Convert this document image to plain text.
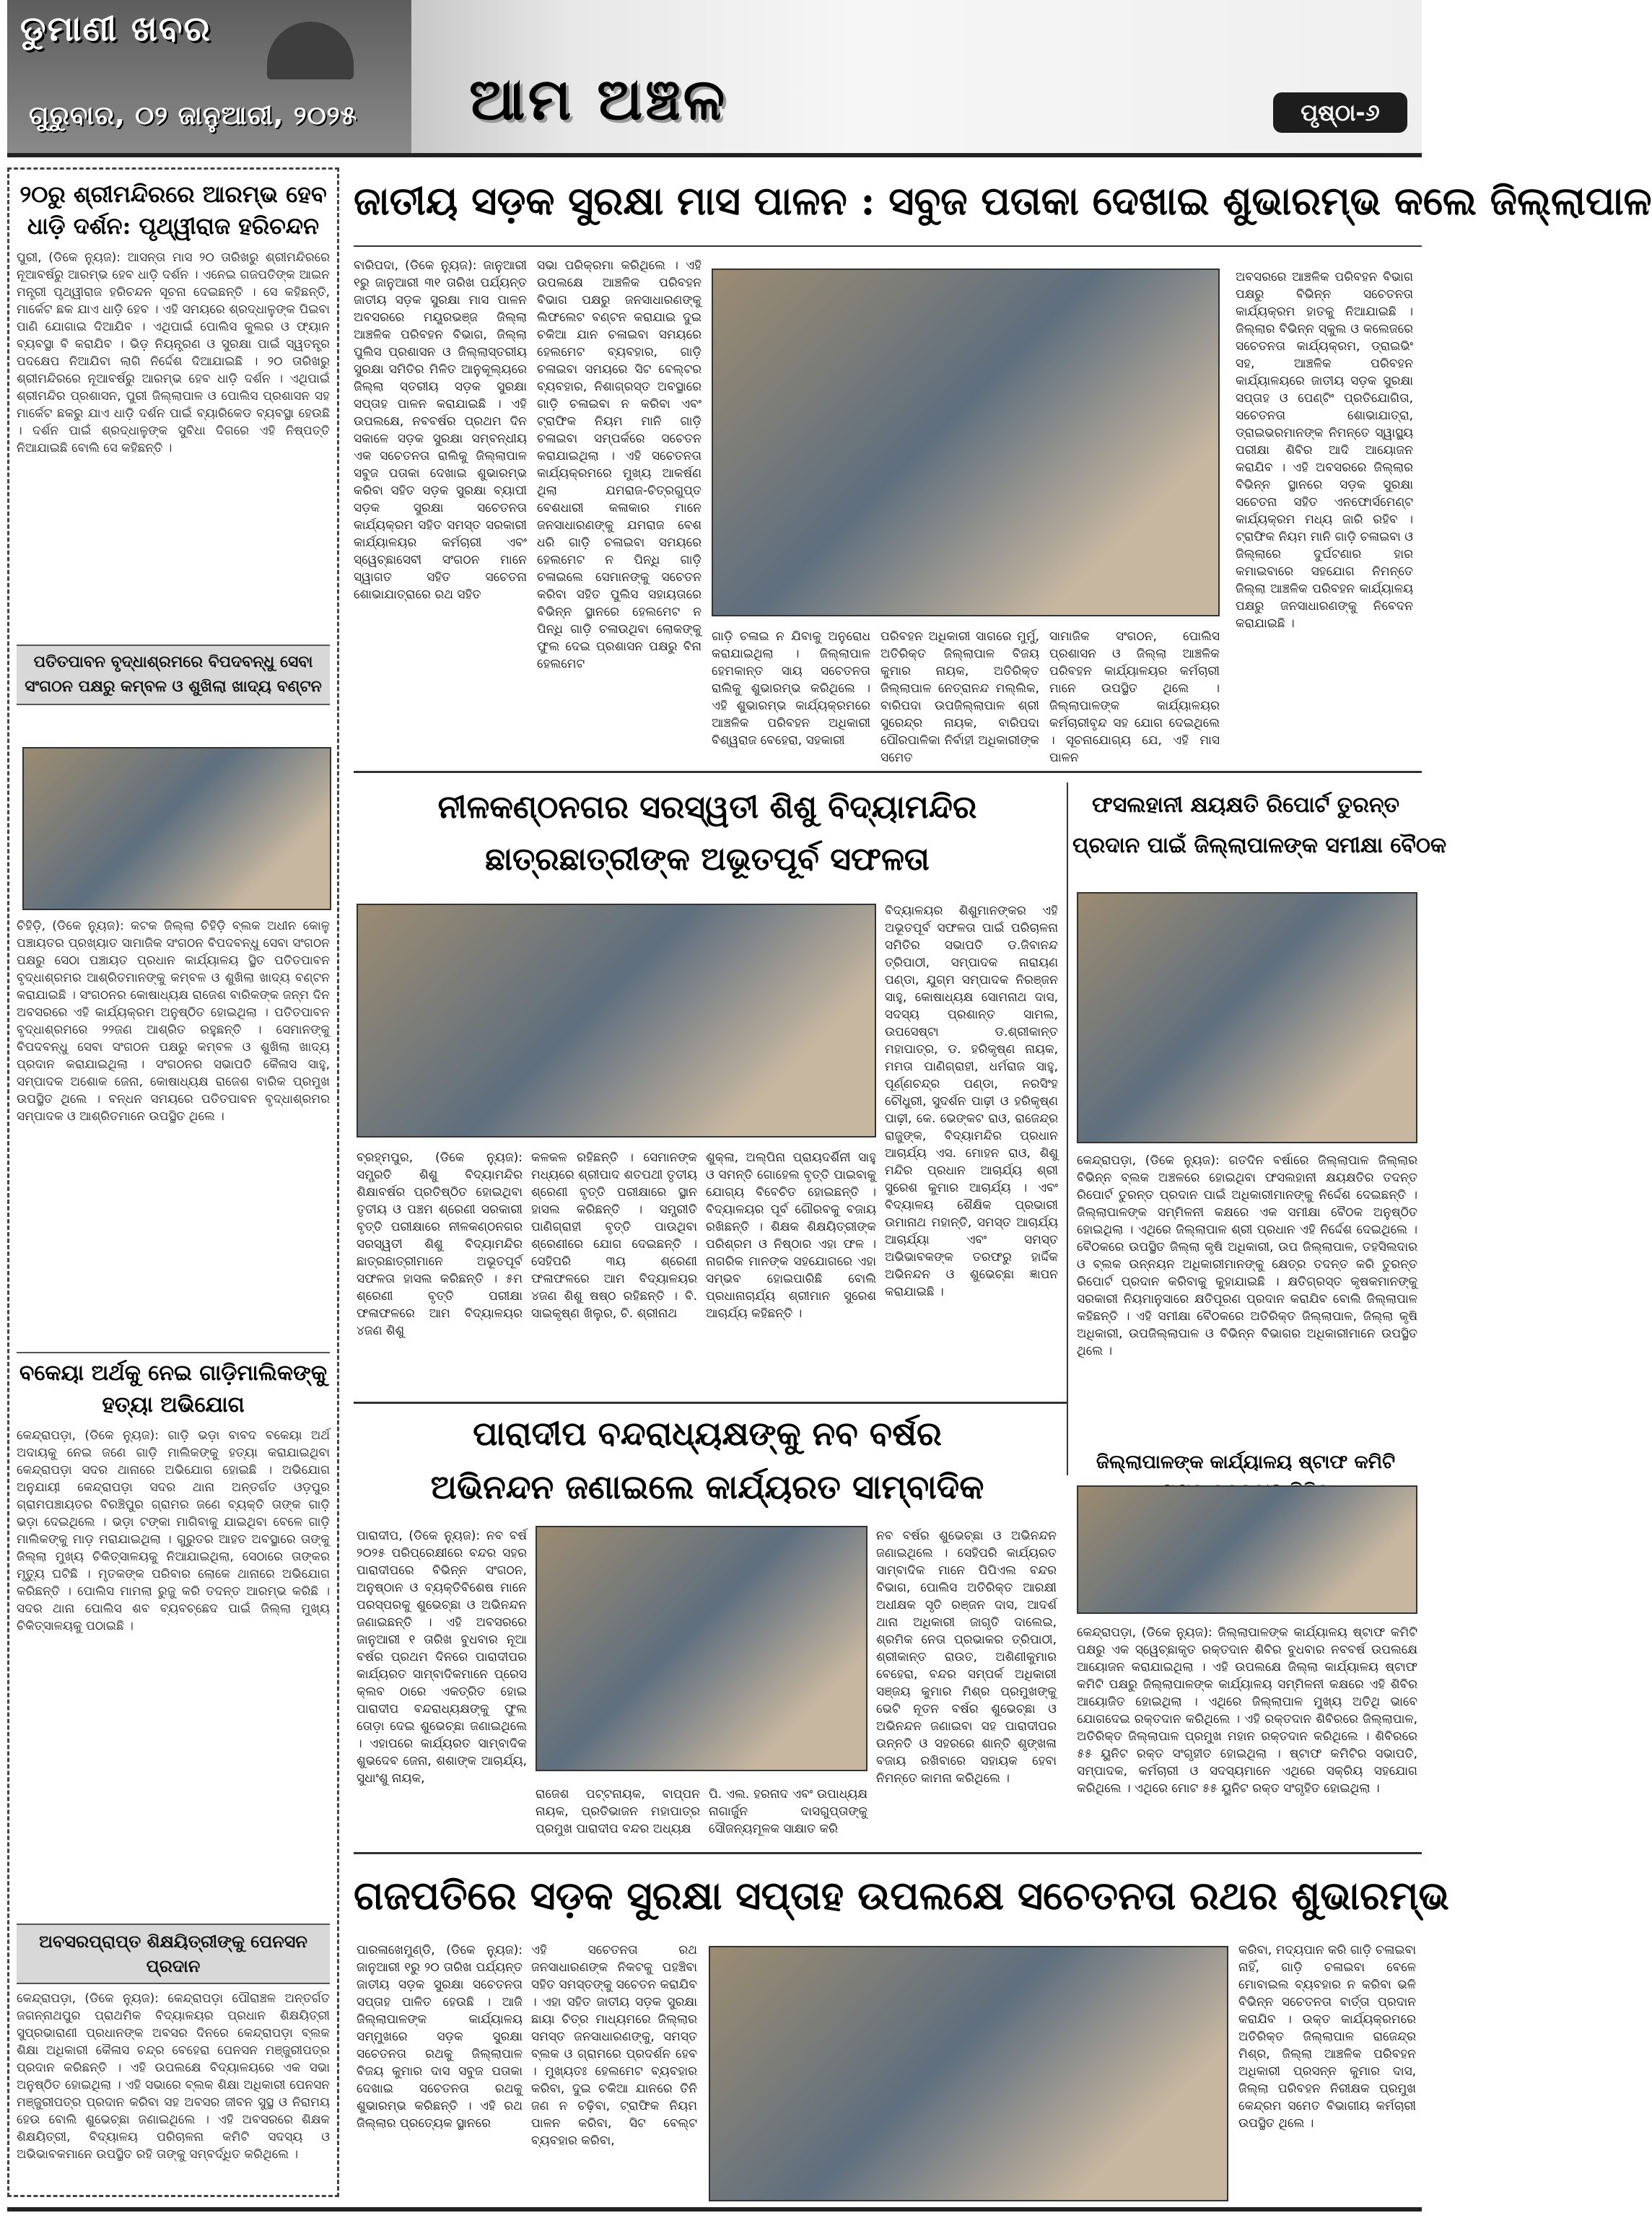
ଡୁମାଣୀ ଖବର
ଗୁରୁବାର, ୦୨ ଜାନୁଆରୀ, ୨୦୨୫ ଆମ ଅଞ୍ଚଳ	ପୃଷ୍ଠା-୬
୨୦ରୁ ଶ୍ରୀମନ୍ଦିରରେ ଆରମ୍ଭ ହେବ ଧାଡ଼ି ଦର୍ଶନ: ପୃଥ୍ୱୀରାଜ ହରିଚନ୍ଦନ
ପୁରୀ, (ଡିକେ ନ୍ୟୁଜ): ଆସନ୍ତା ମାସ ୨୦ ତାରିଖରୁ ଶ୍ରୀମନ୍ଦିରରେ ନୂଆବର୍ଷରୁ ଆରମ୍ଭ ହେବ ଧାଡ଼ି ଦର୍ଶନ । ଏନେଇ ଗଜପତିଙ୍କ ଆଇନ ମନ୍ତ୍ରୀ ପୃଥ୍ୱୀରାଜ ହରିଚନ୍ଦନ ସୂଚନା ଦେଇଛନ୍ତି । ସେ କହିଛନ୍ତି, ମାର୍କେଟ ଛକ ଯାଏ ଧାଡ଼ି ହେବ । ଏହି ସମୟରେ ଶ୍ରଦ୍ଧାଳୁଙ୍କ ପିଇବା ପାଣି ଯୋଗାଇ ଦିଆଯିବ । ଏଥିପାଇଁ ପୋଲିସ କୁଲର ଓ ଫ୍ୟାନ ବ୍ୟବସ୍ଥା ବି କରାଯିବ । ଭିଡ଼ ନିୟନ୍ତ୍ରଣ ଓ ସୁରକ୍ଷା ପାଇଁ ସ୍ୱତନ୍ତ୍ର ପଦକ୍ଷେପ ନିଆଯିବା ଲାଗି ନିର୍ଦ୍ଦେଶ ଦିଆଯାଇଛି । ୨୦ ତାରିଖରୁ ଶ୍ରୀମନ୍ଦିରରେ ନୂଆବର୍ଷରୁ ଆରମ୍ଭ ହେବ ଧାଡ଼ି ଦର୍ଶନ । ଏଥିପାଇଁ ଶ୍ରୀମନ୍ଦିର ପ୍ରଶାସନ, ପୁରୀ ଜିଲ୍ଲାପାଳ ଓ ପୋଲିସ ପ୍ରଶାସନ ସହ ମାର୍କେଟ ଛକରୁ ଯାଏ ଧାଡ଼ି ଦର୍ଶନ ପାଇଁ ବ୍ୟାରିକେଡ ବ୍ୟବସ୍ଥା ହେଉଛି । ଦର୍ଶନ ପାଇଁ ଶ୍ରଦ୍ଧାଳୁଙ୍କ ସୁବିଧା ଦିଗରେ ଏହି ନିଷ୍ପତ୍ତି ନିଆଯାଇଛି ବୋଲି ସେ କହିଛନ୍ତି ।
ପତିତପାବନ ବୃଦ୍ଧାଶ୍ରମରେ ବିପଦବନ୍ଧୁ ସେବା ସଂଗଠନ ପକ୍ଷରୁ କମ୍ବଳ ଓ ଶୁଖିଲା ଖାଦ୍ୟ ବଣ୍ଟନ
ଚିହିଡ଼ି, (ଡିକେ ନ୍ୟୁଜ): କଟକ ଜିଲ୍ଲା ଚିହିଡ଼ି ବ୍ଲକ ଅଧୀନ କୋଳୁ ପଞ୍ଚାୟତର ପ୍ରଖ୍ୟାତ ସାମାଜିକ ସଂଗଠନ ବିପଦବନ୍ଧୁ ସେବା ସଂଗଠନ ପକ୍ଷରୁ ସେଠା ପଞ୍ଚାୟତ ପ୍ରଧାନ କାର୍ଯ୍ୟାଳୟ ସ୍ଥିତ ପତିତପାବନ ବୃଦ୍ଧାଶ୍ରମର ଆଶ୍ରିତମାନଙ୍କୁ କମ୍ବଳ ଓ ଶୁଖିଲା ଖାଦ୍ୟ ବଣ୍ଟନ କରାଯାଇଛି । ସଂଗଠନର କୋଷାଧ୍ୟକ୍ଷ ରାଜେଶ ବାରିକଙ୍କ ଜନ୍ମ ଦିନ ଅବସରରେ ଏହି କାର୍ଯ୍ୟକ୍ରମ ଅନୁଷ୍ଠିତ ହୋଇଥିଲା । ପତିତପାବନ ବୃଦ୍ଧାଶ୍ରମରେ ୨୨ଜଣ ଆଶ୍ରିତ ରହୁଛନ୍ତି । ସେମାନଙ୍କୁ ବିପଦବନ୍ଧୁ ସେବା ସଂଗଠନ ପକ୍ଷରୁ କମ୍ବଳ ଓ ଶୁଖିଲା ଖାଦ୍ୟ ପ୍ରଦାନ କରାଯାଇଥିଲା । ସଂଗଠନର ସଭାପତି କୈଳାସ ସାହୁ, ସମ୍ପାଦକ ଅଶୋକ ଜେନା, କୋଷାଧ୍ୟକ୍ଷ ରାଜେଶ ବାରିକ ପ୍ରମୁଖ ଉପସ୍ଥିତ ଥିଲେ । ବନ୍ଧନ ସମୟରେ ପତିତପାବନ ବୃଦ୍ଧାଶ୍ରମର ସମ୍ପାଦକ ଓ ଆଶ୍ରିତମାନେ ଉପସ୍ଥିତ ଥିଲେ ।
ବକେୟା ଅର୍ଥକୁ ନେଇ ଗାଡ଼ିମାଲିକଙ୍କୁ ହତ୍ୟା ଅଭିଯୋଗ
କେନ୍ଦ୍ରାପଡ଼ା, (ଡିକେ ନ୍ୟୁଜ): ଗାଡ଼ି ଭଡ଼ା ବାବଦ ବକେୟା ଅର୍ଥ ଅଦାୟକୁ ନେଇ ଜଣେ ଗାଡ଼ି ମାଲିକଙ୍କୁ ହତ୍ୟା କରାଯାଇଥିବା କେନ୍ଦ୍ରାପଡ଼ା ସଦର ଥାନାରେ ଅଭିଯୋଗ ହୋଇଛି । ଅଭିଯୋଗ ଅନୁଯାୟୀ କେନ୍ଦ୍ରାପଡ଼ା ସଦର ଥାନା ଅନ୍ତର୍ଗତ ଓଡ଼ପୁର ଗ୍ରାମପଞ୍ଚାୟତର ବିରଞ୍ଚିପୁର ଗ୍ରାମର ଜଣେ ବ୍ୟକ୍ତି ତାଙ୍କ ଗାଡ଼ି ଭଡ଼ା ଦେଇଥିଲେ । ଭଡ଼ା ଟଙ୍କା ମାଗିବାକୁ ଯାଇଥିବା ବେଳେ ଗାଡ଼ି ମାଲିକଙ୍କୁ ମାଡ଼ ମରାଯାଇଥିଲା । ଗୁରୁତର ଆହତ ଅବସ୍ଥାରେ ତାଙ୍କୁ ଜିଲ୍ଲା ମୁଖ୍ୟ ଚିକିତ୍ସାଳୟକୁ ନିଆଯାଇଥିଲା, ସେଠାରେ ତାଙ୍କର ମୃତ୍ୟୁ ଘଟିଛି । ମୃତକଙ୍କ ପରିବାର ଲୋକେ ଥାନାରେ ଅଭିଯୋଗ କରିଛନ୍ତି । ପୋଲିସ ମାମଲା ରୁଜୁ କରି ତଦନ୍ତ ଆରମ୍ଭ କରିଛି । ସଦର ଥାନା ପୋଲିସ ଶବ ବ୍ୟବଚ୍ଛେଦ ପାଇଁ ଜିଲ୍ଲା ମୁଖ୍ୟ ଚିକିତ୍ସାଳୟକୁ ପଠାଇଛି ।
ଅବସରପ୍ରାପ୍ତ ଶିକ୍ଷୟିତ୍ରୀଙ୍କୁ ପେନସନ ପ୍ରଦାନ
କେନ୍ଦ୍ରାପଡ଼ା, (ଡିକେ ନ୍ୟୁଜ): କେନ୍ଦ୍ରାପଡ଼ା ପୌରାଞ୍ଚଳ ଅନ୍ତର୍ଗତ ଜଗନ୍ନାଥପୁର ପ୍ରାଥମିକ ବିଦ୍ୟାଳୟର ପ୍ରଧାନ ଶିକ୍ଷୟିତ୍ରୀ ସୁପ୍ରଭାରାଣୀ ପ୍ରଧାନଙ୍କ ଅବସର ଦିନରେ କେନ୍ଦ୍ରାପଡ଼ା ବ୍ଲକ ଶିକ୍ଷା ଅଧିକାରୀ କୈଳାସ ଚନ୍ଦ୍ର ବେହେରା ପେନସନ ମଞ୍ଜୁରୀପତ୍ର ପ୍ରଦାନ କରିଛନ୍ତି । ଏହି ଉପଲକ୍ଷେ ବିଦ୍ୟାଳୟରେ ଏକ ସଭା ଅନୁଷ୍ଠିତ ହୋଇଥିଲା । ଏହି ସଭାରେ ବ୍ଲକ ଶିକ୍ଷା ଅଧିକାରୀ ପେନସନ ମଞ୍ଜୁରୀପତ୍ର ପ୍ରଦାନ କରିବା ସହ ଅବସର ଜୀବନ ସୁସ୍ଥ ଓ ନିରାମୟ ହେଉ ବୋଲି ଶୁଭେଚ୍ଛା ଜଣାଇଥିଲେ । ଏହି ଅବସରରେ ଶିକ୍ଷକ ଶିକ୍ଷୟିତ୍ରୀ, ବିଦ୍ୟାଳୟ ପରିଚାଳନା କମିଟି ସଦସ୍ୟ ଓ ଅଭିଭାବକମାନେ ଉପସ୍ଥିତ ରହି ତାଙ୍କୁ ସମ୍ବର୍ଦ୍ଧିତ କରିଥିଲେ ।
ଜାତୀୟ ସଡ଼କ ସୁରକ୍ଷା ମାସ ପାଳନ : ସବୁଜ ପତାକା ଦେଖାଇ ଶୁଭାରମ୍ଭ କଲେ ଜିଲ୍ଲାପାଳ
ବାରିପଦା, (ଡିକେ ନ୍ୟୁଜ): ଜାନୁଆରୀ ୧ରୁ ଜାନୁଆରୀ ୩୧ ତାରିଖ ପର୍ଯ୍ୟନ୍ତ ଜାତୀୟ ସଡ଼କ ସୁରକ୍ଷା ମାସ ପାଳନ ଅବସରରେ ମୟୂରଭଞ୍ଜ ଜିଲ୍ଲା ଆଞ୍ଚଳିକ ପରିବହନ ବିଭାଗ, ଜିଲ୍ଲା ପୁଲିସ ପ୍ରଶାସନ ଓ ଜିଲ୍ଲାସ୍ତରୀୟ ସୁରକ୍ଷା ସମିତିର ମିଳିତ ଆନୁକୂଲ୍ୟରେ ଜିଲ୍ଲା ସ୍ତରୀୟ ସଡ଼କ ସୁରକ୍ଷା ସପ୍ତାହ ପାଳନ କରାଯାଇଛି । ଏହି ଉପଲକ୍ଷେ, ନବବର୍ଷର ପ୍ରଥମ ଦିନ ସକାଳେ ସଡ଼କ ସୁରକ୍ଷା ସମ୍ବନ୍ଧୀୟ ଏକ ସଚେତନତା ରାଲିକୁ ଜିଲ୍ଲାପାଳ ସବୁଜ ପତାକା ଦେଖାଇ ଶୁଭାରମ୍ଭ କରିବା ସହିତ ସଡ଼କ ସୁରକ୍ଷା ବ୍ୟାପୀ ସଡ଼କ ସୁରକ୍ଷା ସଚେତନତା କାର୍ଯ୍ୟକ୍ରମ ସହିତ ସମସ୍ତ ସରକାରୀ କାର୍ଯ୍ୟାଳୟର କର୍ମଚାରୀ ଏବଂ ସ୍ୱେଚ୍ଛାସେବୀ ସଂଗଠନ ମାନେ ସ୍ୱାଗତ ସହିତ ସଚେତନା ଶୋଭାଯାତ୍ରାରେ ରଥ ସହିତ
ସଭା ପରିକ୍ରମା କରିଥିଲେ । ଏହି ଉପଲକ୍ଷେ ଆଞ୍ଚଳିକ ପରିବହନ ବିଭାଗ ପକ୍ଷରୁ ଜନସାଧାରଣଙ୍କୁ ଲିଫଲେଟ ବଣ୍ଟନ କରାଯାଇ ଦୁଇ ଚକିଆ ଯାନ ଚଳାଇବା ସମୟରେ ହେଲମେଟ ବ୍ୟବହାର, ଗାଡ଼ି ଚଳାଇବା ସମୟରେ ସିଟ ବେଲ୍ଟର ବ୍ୟବହାର, ନିଶାଗ୍ରସ୍ତ ଅବସ୍ଥାରେ ଗାଡ଼ି ଚଳାଇବା ନ କରିବା ଏବଂ ଟ୍ରାଫିକ ନିୟମ ମାନି ଗାଡ଼ି ଚଳାଇବା ସମ୍ପର୍କରେ ସଚେତନ କରାଯାଇଥିଲା । ଏହି ସଚେତନତା କାର୍ଯ୍ୟକ୍ରମରେ ମୁଖ୍ୟ ଆକର୍ଷଣ ଥିଲା ଯମରାଜ-ଚିତ୍ରଗୁପ୍ତ ବେଶଧାରୀ କଳାକାର ମାନେ ଜନସାଧାରଣଙ୍କୁ ଯମରାଜ ବେଶ ଧରି ଗାଡ଼ି ଚଳାଇବା ସମୟରେ ହେଲମେଟ ନ ପିନ୍ଧି ଗାଡ଼ି ଚଳାଇଲେ ସେମାନଙ୍କୁ ସଚେତନ କରିବା ସହିତ ପୁଲିସ ସହାୟତାରେ ବିଭିନ୍ନ ସ୍ଥାନରେ ହେଲମେଟ ନ ପିନ୍ଧି ଗାଡ଼ି ଚଳାଉଥିବା ଲୋକଙ୍କୁ ଫୁଲ ଦେଇ ପ୍ରଶାସନ ପକ୍ଷରୁ ବିନା ହେଲମେଟ
ଗାଡ଼ି ଚଳାଇ ନ ଯିବାକୁ ଅନୁରୋଧ କରାଯାଇଥିଲା । ଜିଲ୍ଲାପାଳ ହେମକାନ୍ତ ସାୟ ସଚେତନତା ରାଲିକୁ ଶୁଭାରମ୍ଭ କରିଥିଲେ । ଏହି ଶୁଭାରମ୍ଭ କାର୍ଯ୍ୟକ୍ରମରେ ଆଞ୍ଚଳିକ ପରିବହନ ଅଧିକାରୀ ବିଶ୍ୱରାଜ ବେହେରା, ସହକାରୀ
ପରିବହନ ଅଧିକାରୀ ସାଗରେ ମୁର୍ମୁ, ଅତିରିକ୍ତ ଜିଲ୍ଲାପାଳ ବିଜୟ କୁମାର ନାୟକ, ଅତିରିକ୍ତ ଜିଲ୍ଲାପାଳ ନେତ୍ରାନନ୍ଦ ମଲ୍ଲିକ, ବାରିପଦା ଉପଜିଲ୍ଲାପାଳ ଶ୍ରୀ ସୁରେନ୍ଦ୍ର ନାୟକ, ବାରିପଦା ପୌରପାଳିକା ନିର୍ବାହୀ ଅଧିକାରୀଙ୍କ ସମେତ
ସାମାଜିକ ସଂଗଠନ, ପୋଲିସ ପ୍ରଶାସନ ଓ ଜିଲ୍ଲା ଆଞ୍ଚଳିକ ପରିବହନ କାର୍ଯ୍ୟାଳୟର କର୍ମଚାରୀ ମାନେ ଉପସ୍ଥିତ ଥିଲେ । ଜିଲ୍ଲାପାଳଙ୍କ କାର୍ଯ୍ୟାଳୟର କର୍ମଚାରୀବୃନ୍ଦ ସହ ଯୋଗ ଦେଇଥିଲେ । ସୂଚନାଯୋଗ୍ୟ ଯେ, ଏହି ମାସ ପାଳନ
ଅବସରରେ ଆଞ୍ଚଳିକ ପରିବହନ ବିଭାଗ ପକ୍ଷରୁ ବିଭିନ୍ନ ସଚେତନତା କାର୍ଯ୍ୟକ୍ରମ ହାତକୁ ନିଆଯାଇଛି । ଜିଲ୍ଲାର ବିଭିନ୍ନ ସ୍କୁଲ ଓ କଲେଜରେ ସଚେତନତା କାର୍ଯ୍ୟକ୍ରମ, ଡ୍ରାଇଭିଂ ସହ, ଆଞ୍ଚଳିକ ପରିବହନ କାର୍ଯ୍ୟାଳୟରେ ଜାତୀୟ ସଡ଼କ ସୁରକ୍ଷା ସପ୍ତାହ ଓ ପେଣ୍ଟିଂ ପ୍ରତିଯୋଗିତା, ସଚେତନତା ଶୋଭାଯାତ୍ରା, ଡ୍ରାଇଭରମାନଙ୍କ ନିମନ୍ତେ ସ୍ୱାସ୍ଥ୍ୟ ପରୀକ୍ଷା ଶିବିର ଆଦି ଆୟୋଜନ କରାଯିବ । ଏହି ଅବସରରେ ଜିଲ୍ଲାର ବିଭିନ୍ନ ସ୍ଥାନରେ ସଡ଼କ ସୁରକ୍ଷା ସଚେତନା ସହିତ ଏନଫୋର୍ସମେଣ୍ଟ କାର୍ଯ୍ୟକ୍ରମ ମଧ୍ୟ ଜାରି ରହିବ । ଟ୍ରାଫିକ ନିୟମ ମାନି ଗାଡ଼ି ଚଳାଇବା ଓ ଜିଲ୍ଲାରେ ଦୁର୍ଘଟଣାର ହାର କମାଇବାରେ ସହଯୋଗ ନିମନ୍ତେ ଜିଲ୍ଲା ଆଞ୍ଚଳିକ ପରିବହନ କାର୍ଯ୍ୟାଳୟ ପକ୍ଷରୁ ଜନସାଧାରଣଙ୍କୁ ନିବେଦନ କରାଯାଇଛି ।
ନୀଳକଣ୍ଠନଗର ସରସ୍ୱତୀ ଶିଶୁ ବିଦ୍ୟାମନ୍ଦିର
ଛାତ୍ରଛାତ୍ରୀଙ୍କ ଅଭୂତପୂର୍ବ ସଫଳତା
ବିଦ୍ୟାଳୟର ଶିଶୁମାନଙ୍କର ଏହି ଅଭୂତପୂର୍ବ ସଫଳତା ପାଇଁ ପରିଚାଳନା ସମିତିର ସଭାପତି ଡ.ଜିବାନନ୍ଦ ତ୍ରିପାଠୀ, ସମ୍ପାଦକ ନାରାୟଣ ପଣ୍ଡା, ଯୁଗ୍ମ ସମ୍ପାଦକ ନିରଞ୍ଜନ ସାହୁ, କୋଷାଧ୍ୟକ୍ଷ ସୋମନାଥ ଦାସ, ସଦସ୍ୟ ପ୍ରଶାନ୍ତ ସାମଲ, ଉପସେଷ୍ଟା ଡ.ଶ୍ରୀକାନ୍ତ ମହାପାତ୍ର, ଡ. ହରିକୃଷ୍ଣ ନାୟକ, ମମତା ପାଣିଗ୍ରାହୀ, ଧର୍ମରାଜ ସାହୁ, ପୂର୍ଣ୍ଣଚନ୍ଦ୍ର ପଣ୍ଡା, ନରସିଂହ ଚୌଧୁରୀ, ସୁଦର୍ଶନ ପାଢ଼ୀ ଓ ହରିକୃଷ୍ଣ ପାଢ଼ୀ, କେ. ଭେଙ୍କଟ ରାଓ, ରାଜେନ୍ଦ୍ର ରାଜୁଙ୍କ, ବିଦ୍ୟାମନ୍ଦିର ପ୍ରଧାନ ଆଚାର୍ଯ୍ୟ ଏସ. ମୋହନ ରାଓ, ଶିଶୁ ମନ୍ଦିର ପ୍ରଧାନ ଆଚାର୍ଯ୍ୟ ଶ୍ରୀ ସୁରେଶ କୁମାର ଆଚାର୍ଯ୍ୟ । ଏବଂ ବିଦ୍ୟାଳୟ ଶୈକ୍ଷିକ ପ୍ରଭାରୀ ଉମାନାଥ ମହାନ୍ତି, ସମସ୍ତ ଆଚାର୍ଯ୍ୟ ଆଚାର୍ଯ୍ୟା ଏବଂ ସମସ୍ତ ଅଭିଭାବକଙ୍କ ତରଫରୁ ହାର୍ଦ୍ଦିକ ଅଭିନନ୍ଦନ ଓ ଶୁଭେଚ୍ଛା ଜ୍ଞାପନ କରାଯାଇଛି ।
ବ୍ରହ୍ମପୁର, (ଡିକେ ନ୍ୟୁଜ): ସମ୍ପ୍ରତି ଶିଶୁ ବିଦ୍ୟାମନ୍ଦିର ଶିକ୍ଷାବର୍ଷର ପ୍ରତିଷ୍ଠିତ ହୋଇଥିବା ତୃତୀୟ ଓ ପଞ୍ଚମ ଶ୍ରେଣୀ ସରକାରୀ ବୃତ୍ତି ପରୀକ୍ଷାରେ ନୀଳକଣ୍ଠନଗର ସରସ୍ୱତୀ ଶିଶୁ ବିଦ୍ୟାମନ୍ଦିର ଛାତ୍ରଛାତ୍ରୀମାନେ ଅଭୂତପୂର୍ବ ସଫଳତା ହାସଲ କରିଛନ୍ତି । ୫ମ ଶ୍ରେଣୀ ବୃତ୍ତି ପରୀକ୍ଷା ଫଳାଫଳରେ ଆମ ବିଦ୍ୟାଳୟର ୪ଜଣ ଶିଶୁ
କଳକଳ ରହିଛନ୍ତି । ସେମାନଙ୍କ ମଧ୍ୟରେ ଶ୍ରୀପାଦ ଶତପଥୀ ତୃତୀୟ ଶ୍ରେଣୀ ବୃତ୍ତି ପରୀକ୍ଷାରେ ସ୍ଥାନ ହାସଲ କରିଛନ୍ତି । ସମ୍ପ୍ରୀତି ପାଣିଗ୍ରାହୀ ବୃତ୍ତି ପାଉଥିବା ଶ୍ରେଣୀରେ ଯୋଗ ଦେଇଛନ୍ତି । ସେହିପରି ୩ୟ ଶ୍ରେଣୀ ଫଳାଫଳରେ ଆମ ବିଦ୍ୟାଳୟର ୪ଜଣ ଶିଶୁ ଷଷ୍ଠ ରହିଛନ୍ତି । ବି. ସାଇକୃଷ୍ଣ ଖିଲୁର, ଚି. ଶ୍ରୀନାଥ
ଶୁକ୍ଳା, ଅଲ୍ପିନା ପ୍ରାୟଦର୍ଶିନୀ ସାହୁ ଓ ସମନ୍ତି ଗୋହେଲ ବୃତ୍ତି ପାଇବାକୁ ଯୋଗ୍ୟ ବିବେଚିତ ହୋଇଛନ୍ତି । ବିଦ୍ୟାଳୟର ପୂର୍ବ ଗୌରବକୁ ବଜାୟ ରଖିଛନ୍ତି । ଶିକ୍ଷକ ଶିକ୍ଷୟିତ୍ରୀଙ୍କ ପରିଶ୍ରମ ଓ ନିଷ୍ଠାର ଏହା ଫଳ । ନାଗରିକ ମାନଙ୍କ ସହଯୋଗରେ ଏହା ସମ୍ଭବ ହୋଇପାରିଛି ବୋଲି ପ୍ରଧାନାଚାର୍ଯ୍ୟ ଶ୍ରୀମାନ ସୁରେଶ ଆଚାର୍ଯ୍ୟ କହିଛନ୍ତି ।
ଫସଲହାନୀ କ୍ଷୟକ୍ଷତି ରିପୋର୍ଟ ତୁରନ୍ତ
ପ୍ରଦାନ ପାଇଁ ଜିଲ୍ଲାପାଳଙ୍କ ସମୀକ୍ଷା ବୈଠକ
କେନ୍ଦ୍ରାପଡ଼ା, (ଡିକେ ନ୍ୟୁଜ): ଗତଦିନ ବର୍ଷାରେ ଜିଲ୍ଲାପାଳ ଜିଲ୍ଲାର ବିଭିନ୍ନ ବ୍ଲକ ଅଞ୍ଚଳରେ ହୋଇଥିବା ଫସଲହାନୀ କ୍ଷୟକ୍ଷତିର ତଦନ୍ତ ରିପୋର୍ଟ ତୁରନ୍ତ ପ୍ରଦାନ ପାଇଁ ଅଧିକାରୀମାନଙ୍କୁ ନିର୍ଦ୍ଦେଶ ଦେଇଛନ୍ତି । ଜିଲ୍ଲାପାଳଙ୍କ ସମ୍ମିଳନୀ କକ୍ଷରେ ଏକ ସମୀକ୍ଷା ବୈଠକ ଅନୁଷ୍ଠିତ ହୋଇଥିଲା । ଏଥିରେ ଜିଲ୍ଲାପାଳ ଶ୍ରୀ ପ୍ରଧାନ ଏହି ନିର୍ଦ୍ଦେଶ ଦେଇଥିଲେ । ବୈଠକରେ ଉପସ୍ଥିତ ଜିଲ୍ଲା କୃଷି ଅଧିକାରୀ, ଉପ ଜିଲ୍ଲାପାଳ, ତହସିଲଦାର ଓ ବ୍ଲକ ଉନ୍ନୟନ ଅଧିକାରୀମାନଙ୍କୁ କ୍ଷେତ୍ର ତଦନ୍ତ କରି ତୁରନ୍ତ ରିପୋର୍ଟ ପ୍ରଦାନ କରିବାକୁ କୁହାଯାଇଛି । କ୍ଷତିଗ୍ରସ୍ତ କୃଷକମାନଙ୍କୁ ସରକାରୀ ନିୟମାନୁସାରେ କ୍ଷତିପୂରଣ ପ୍ରଦାନ କରାଯିବ ବୋଲି ଜିଲ୍ଲାପାଳ କହିଛନ୍ତି । ଏହି ସମୀକ୍ଷା ବୈଠକରେ ଅତିରିକ୍ତ ଜିଲ୍ଲାପାଳ, ଜିଲ୍ଲା କୃଷି ଅଧିକାରୀ, ଉପଜିଲ୍ଲାପାଳ ଓ ବିଭିନ୍ନ ବିଭାଗର ଅଧିକାରୀମାନେ ଉପସ୍ଥିତ ଥିଲେ ।
ପାରାଦୀପ ବନ୍ଦରାଧ୍ୟକ୍ଷଙ୍କୁ ନବ ବର୍ଷର
ଅଭିନନ୍ଦନ ଜଣାଇଲେ କାର୍ଯ୍ୟରତ ସାମ୍ବାଦିକ
ପାରାଦୀପ, (ଡିକେ ନ୍ୟୁଜ): ନବ ବର୍ଷ ୨୦୨୫ ପରିପ୍ରେକ୍ଷୀରେ ବନ୍ଦର ସହର ପାରାଦୀପରେ ବିଭିନ୍ନ ସଂଗଠନ, ଅନୁଷ୍ଠାନ ଓ ବ୍ୟକ୍ତିବିଶେଷ ମାନେ ପରସ୍ପରକୁ ଶୁଭେଚ୍ଛା ଓ ଅଭିନନ୍ଦନ ଜଣାଇଛନ୍ତି । ଏହି ଅବସରରେ ଜାନୁଆରୀ ୧ ତାରିଖ ବୁଧବାର ନୂଆ ବର୍ଷର ପ୍ରଥମ ଦିନରେ ପାରାଦୀପର କାର୍ଯ୍ୟରତ ସାମ୍ବାଦିକମାନେ ପ୍ରେସ କ୍ଲବ ଠାରେ ଏକତ୍ରିତ ହୋଇ ପାରାଦୀପ ବନ୍ଦରାଧ୍ୟକ୍ଷଙ୍କୁ ଫୁଲ ତୋଡ଼ା ଦେଇ ଶୁଭେଚ୍ଛା ଜଣାଇଥିଲେ । ଏହାପରେ କାର୍ଯ୍ୟରତ ସାମ୍ବାଦିକ ଶୁଭଦେବ ଜେନା, ଶଶାଙ୍କ ଆଚାର୍ଯ୍ୟ, ସୁଧାଂଶୁ ନାୟକ,
ରାଜେଶ ପଟ୍ଟନାୟକ, ବାପ୍ପନ ନାୟକ, ପ୍ରତିଭାଜନ ମହାପାତ୍ର ପ୍ରମୁଖ ପାରାଦୀପ ବନ୍ଦର ଅଧ୍ୟକ୍ଷ
ପି. ଏଲ. ହରନାଦ ଏବଂ ଉପାଧ୍ୟକ୍ଷ ନାଗାର୍ଜୁନ ଦାସଗୁପ୍ତାଙ୍କୁ ସୌଜନ୍ୟମୂଳକ ସାକ୍ଷାତ କରି
ନବ ବର୍ଷର ଶୁଭେଚ୍ଛା ଓ ଅଭିନନ୍ଦନ ଜଣାଇଥିଲେ । ସେହିପରି କାର୍ଯ୍ୟରତ ସାମ୍ବାଦିକ ମାନେ ପିପିଏଲ ବନ୍ଦର ବିଭାଗ, ପୋଲିସ ଅତିରିକ୍ତ ଆରକ୍ଷୀ ଅଧୀକ୍ଷକ ସୃତି ରଞ୍ଜନ ଦାସ, ଆଦର୍ଶ ଥାନା ଅଧିକାରୀ ଜାଗୃତି ଦାଲେଇ, ଶ୍ରମିକ ନେତା ପ୍ରଭାକର ତ୍ରିପାଠୀ, ଶ୍ରୀକାନ୍ତ ରାଉତ, ଅଶିଣୀକୁମାର ବେହେରା, ବନ୍ଦର ସମ୍ପର୍କ ଅଧିକାରୀ ସଞ୍ଜୟ କୁମାର ମିଶ୍ର ପ୍ରମୁଖଙ୍କୁ ଭେଟି ନୂତନ ବର୍ଷର ଶୁଭେଚ୍ଛା ଓ ଅଭିନନ୍ଦନ ଜଣାଇବା ସହ ପାରାଦୀପର ଉନ୍ନତି ଓ ସହରରେ ଶାନ୍ତି ଶୃଙ୍ଖଳା ବଜାୟ ରଖିବାରେ ସହାୟକ ହେବା ନିମନ୍ତେ କାମନା କରିଥିଲେ ।
ଜିଲ୍ଲାପାଳଙ୍କ କାର୍ଯ୍ୟାଳୟ ଷ୍ଟାଫ କମିଟି
କେନ୍ଦ୍ରାପଡ଼ା, (ଡିକେ ନ୍ୟୁଜ): ଜିଲ୍ଲାପାଳଙ୍କ କାର୍ଯ୍ୟାଳୟ ଷ୍ଟାଫ କମିଟି ପକ୍ଷରୁ ଏକ ସ୍ୱେଚ୍ଛାକୃତ ରକ୍ତଦାନ ଶିବିର ବୁଧବାର ନବବର୍ଷ ଉପଲକ୍ଷେ ଆୟୋଜନ କରାଯାଇଥିଲା । ଏହି ଉପଲକ୍ଷେ ଜିଲ୍ଲା କାର୍ଯ୍ୟାଳୟ ଷ୍ଟାଫ କମିଟି ପକ୍ଷରୁ ଜିଲ୍ଲାପାଳଙ୍କ କାର୍ଯ୍ୟାଳୟ ସମ୍ମିଳନୀ କକ୍ଷରେ ଏହି ଶିବିର ଆୟୋଜିତ ହୋଇଥିଲା । ଏଥିରେ ଜିଲ୍ଲାପାଳ ମୁଖ୍ୟ ଅତିଥି ଭାବେ ଯୋଗଦେଇ ରକ୍ତଦାନ କରିଥିଲେ । ଏହି ରକ୍ତଦାନ ଶିବିରରେ ଜିଲ୍ଲାପାଳ, ଅତିରିକ୍ତ ଜିଲ୍ଲାପାଳ ପ୍ରମୁଖ ମହାନ ରକ୍ତଦାନ କରିଥିଲେ । ଶିବିରରେ ୫୫ ୟୁନିଟ ରକ୍ତ ସଂଗୃହୀତ ହୋଇଥିଲା । ଷ୍ଟାଫ କମିଟିର ସଭାପତି, ସମ୍ପାଦକ, କର୍ମଚାରୀ ଓ ସଦସ୍ୟମାନେ ଏଥିରେ ସକ୍ରିୟ ସହଯୋଗ କରିଥିଲେ । ଏଥିରେ ମୋଟ ୫୫ ୟୁନିଟ ରକ୍ତ ସଂଗୃହିତ ହୋଇଥିଲା ।
ଗଜପତିରେ ସଡ଼କ ସୁରକ୍ଷା ସପ୍ତାହ ଉପଲକ୍ଷେ ସଚେତନତା ରଥର ଶୁଭାରମ୍ଭ
ପାରଳାଖେମୁଣ୍ଡି, (ଡିକେ ନ୍ୟୁଜ): ଜାନୁଆରୀ ୧ରୁ ୨୦ ତାରିଖ ପର୍ଯ୍ୟନ୍ତ ଜାତୀୟ ସଡ଼କ ସୁରକ୍ଷା ସଚେତନତା ସପ୍ତାହ ପାଳିତ ହେଉଛି । ଆଜି ଜିଲ୍ଲାପାଳଙ୍କ କାର୍ଯ୍ୟାଳୟ ସମ୍ମୁଖରେ ସଡ଼କ ସୁରକ୍ଷା ସଚେତନତା ରଥକୁ ଜିଲ୍ଲାପାଳ ବିଜୟ କୁମାର ଦାସ ସବୁଜ ପତାକା ଦେଖାଇ ସଚେତନତା ରଥକୁ ଶୁଭାରମ୍ଭ କରିଛନ୍ତି । ଏହି ରଥ ଜିଲ୍ଲାର ପ୍ରତ୍ୟେକ ସ୍ଥାନରେ
ଏହି ସଚେତନତା ରଥ ଜନସାଧାରଣଙ୍କ ନିକଟକୁ ପହଞ୍ଚିବା ସହିତ ସମସ୍ତଙ୍କୁ ସଚେତନ କରାଯିବ । ଏହା ସହିତ ଜାତୀୟ ସଡ଼କ ସୁରକ୍ଷା ଛାୟା ଚିତ୍ର ମାଧ୍ୟମରେ ଜିଲ୍ଲାର ସମସ୍ତ ଜନସାଧାରଣଙ୍କୁ, ସମସ୍ତ ବ୍ଲକ ଓ ଗ୍ରାମରେ ପ୍ରଦର୍ଶନ ହେବ । ମୁଖ୍ୟତଃ ହେଲମେଟ ବ୍ୟବହାର କରିବା, ଦୁଇ ଚକିଆ ଯାନରେ ତିନି ଜଣ ନ ଚଢ଼ିବା, ଟ୍ରାଫିକ ନିୟମ ପାଳନ କରିବା, ସିଟ ବେଲ୍ଟ ବ୍ୟବହାର କରିବା,
କରିବା, ମଦ୍ୟପାନ କରି ଗାଡ଼ି ଚଳାଇବା ନାହିଁ, ଗାଡ଼ି ଚଳାଇବା ବେଳେ ମୋବାଇଲ ବ୍ୟବହାର ନ କରିବା ଭଳି ବିଭିନ୍ନ ସଚେତନତା ବାର୍ତ୍ତା ପ୍ରଦାନ କରାଯିବ । ଉକ୍ତ କାର୍ଯ୍ୟକ୍ରମରେ ଅତିରିକ୍ତ ଜିଲ୍ଲାପାଳ ରାଜେନ୍ଦ୍ର ମିଶ୍ର, ଜିଲ୍ଲା ଆଞ୍ଚଳିକ ପରିବହନ ଅଧିକାରୀ ପ୍ରସନ୍ନ କୁମାର ଦାସ, ଜିଲ୍ଲା ପରିବହନ ନିରୀକ୍ଷକ ପ୍ରମୁଖ କେନ୍ଦ୍ରମ ସମେତ ବିଭାଗୀୟ କର୍ମଚାରୀ ଉପସ୍ଥିତ ଥିଲେ ।
